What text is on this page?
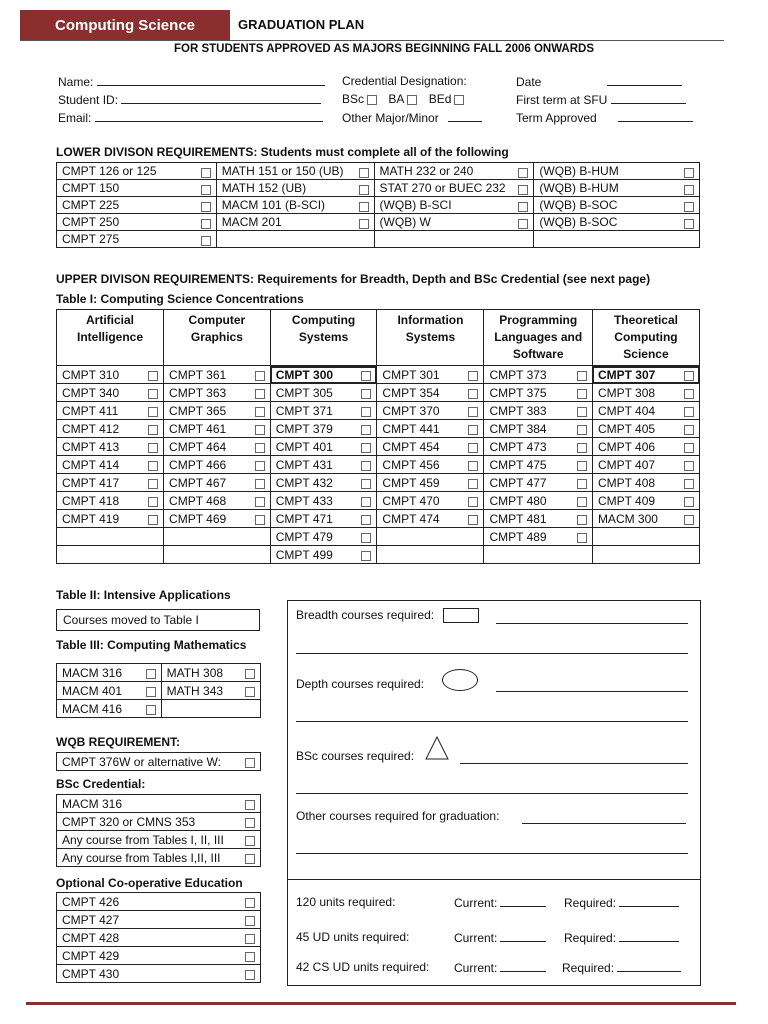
Computing Science	GRADUATION PLAN
FOR STUDENTS APPROVED AS MAJORS BEGINNING FALL 2006 ONWARDS
Name:
Student ID:
Email:
Credential Designation:
BSc BA BEd
Other Major/Minor
Date
First term at SFU
Term Approved
LOWER DIVISON REQUIREMENTS: Students must complete all of the following
CMPT 126 or 125	MATH 151 or 150 (UB)	MATH 232 or 240	(WQB) B-HUM

CMPT 150	MATH 152 (UB)	STAT 270 or BUEC 232	(WQB) B-HUM

CMPT 225	MACM 101 (B-SCI)	(WQB) B-SCI	(WQB) B-SOC

CMPT 250	MACM 201	(WQB) W	(WQB) B-SOC

CMPT 275

UPPER DIVISON REQUIREMENTS: Requirements for Breadth, Depth and BSc Credential (see next page)
Table I: Computing Science Concentrations
Artificial Intelligence	Computer Graphics	Computing Systems	Information Systems	Programming Languages and Software	Theoretical Computing Science
CMPT 310	CMPT 361	CMPT 300	CMPT 301	CMPT 373	CMPT 307

CMPT 340	CMPT 363	CMPT 305	CMPT 354	CMPT 375	CMPT 308

CMPT 411	CMPT 365	CMPT 371	CMPT 370	CMPT 383	CMPT 404

CMPT 412	CMPT 461	CMPT 379	CMPT 441	CMPT 384	CMPT 405

CMPT 413	CMPT 464	CMPT 401	CMPT 454	CMPT 473	CMPT 406

CMPT 414	CMPT 466	CMPT 431	CMPT 456	CMPT 475	CMPT 407

CMPT 417	CMPT 467	CMPT 432	CMPT 459	CMPT 477	CMPT 408

CMPT 418	CMPT 468	CMPT 433	CMPT 470	CMPT 480	CMPT 409

CMPT 419	CMPT 469	CMPT 471	CMPT 474	CMPT 481	MACM 300

		CMPT 479		CMPT 489

		CMPT 499

Table II: Intensive Applications
Courses moved to Table I
Table III: Computing Mathematics
MACM 316	MATH 308

MACM 401	MATH 343

MACM 416

WQB REQUIREMENT:
CMPT 376W or alternative W:
BSc Credential:
MACM 316

CMPT 320 or CMNS 353

Any course from Tables I, II, III

Any course from Tables I,II, III
Optional Co-operative Education
CMPT 426

CMPT 427

CMPT 428

CMPT 429

CMPT 430
Breadth courses required:
Depth courses required:
BSc courses required:
Other courses required for graduation:
120 units required:	Current:	Required:
45 UD units required:	Current:	Required:
42 CS UD units required: Current:	Required:
